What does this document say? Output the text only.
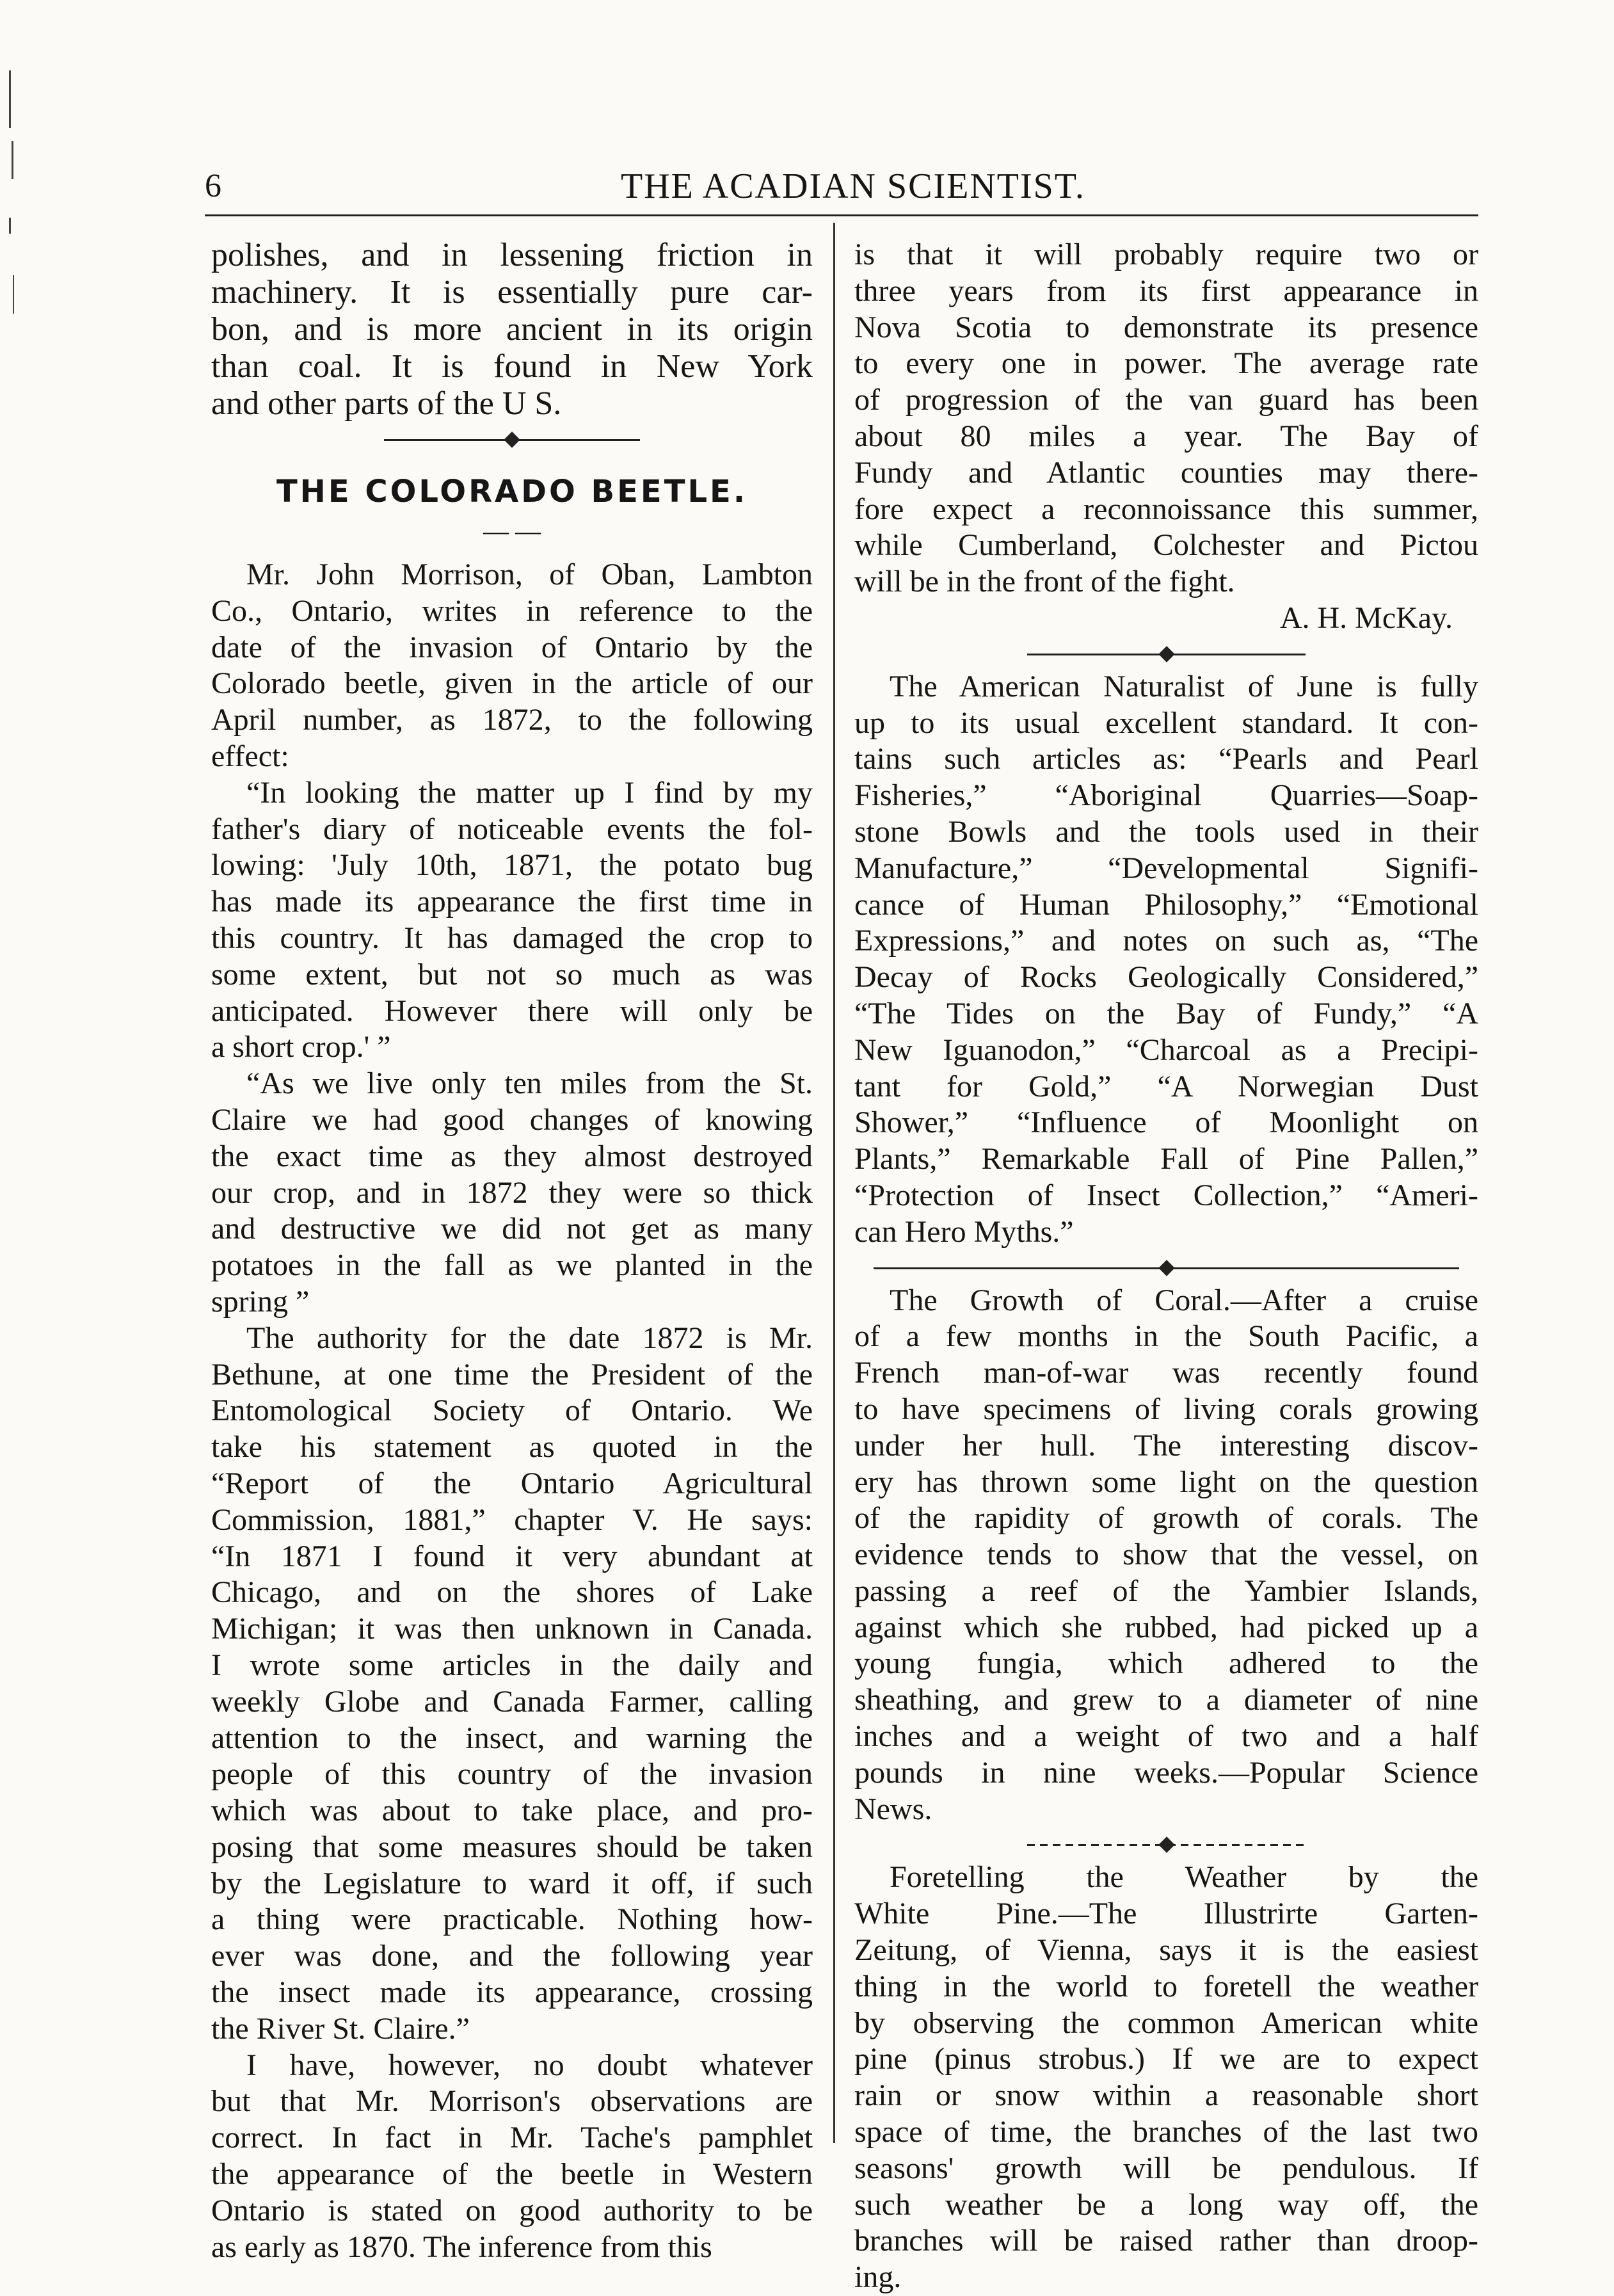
6	THE ACADIAN SCIENTIST.
polishes, and in lessening friction in
machinery. It is essentially pure car-
bon, and is more ancient in its origin
than coal. It is found in New York
and other parts of the U S.
THE COLORADO BEETLE.
— —
Mr. John Morrison, of Oban, Lambton
Co., Ontario, writes in reference to the
date of the invasion of Ontario by the
Colorado beetle, given in the article of our
April number, as 1872, to the following
effect:
“In looking the matter up I find by my
father's diary of noticeable events the fol-
lowing: 'July 10th, 1871, the potato bug
has made its appearance the first time in
this country. It has damaged the crop to
some extent, but not so much as was
anticipated. However there will only be
a short crop.' ”
“As we live only ten miles from the St.
Claire we had good changes of knowing
the exact time as they almost destroyed
our crop, and in 1872 they were so thick
and destructive we did not get as many
potatoes in the fall as we planted in the
spring ”
The authority for the date 1872 is Mr.
Bethune, at one time the President of the
Entomological Society of Ontario. We
take his statement as quoted in the
“Report of the Ontario Agricultural
Commission, 1881,” chapter V. He says:
“In 1871 I found it very abundant at
Chicago, and on the shores of Lake
Michigan; it was then unknown in Canada.
I wrote some articles in the daily and
weekly Globe and Canada Farmer, calling
attention to the insect, and warning the
people of this country of the invasion
which was about to take place, and pro-
posing that some measures should be taken
by the Legislature to ward it off, if such
a thing were practicable. Nothing how-
ever was done, and the following year
the insect made its appearance, crossing
the River St. Claire.”
I have, however, no doubt whatever
but that Mr. Morrison's observations are
correct. In fact in Mr. Tache's pamphlet
the appearance of the beetle in Western
Ontario is stated on good authority to be
as early as 1870. The inference from this
is that it will probably require two or
three years from its first appearance in
Nova Scotia to demonstrate its presence
to every one in power. The average rate
of progression of the van guard has been
about 80 miles a year. The Bay of
Fundy and Atlantic counties may there-
fore expect a reconnoissance this summer,
while Cumberland, Colchester and Pictou
will be in the front of the fight.
A. H. McKay.
The American Naturalist of June is fully
up to its usual excellent standard. It con-
tains such articles as: “Pearls and Pearl
Fisheries,” “Aboriginal Quarries—Soap-
stone Bowls and the tools used in their
Manufacture,” “Developmental Signifi-
cance of Human Philosophy,” “Emotional
Expressions,” and notes on such as, “The
Decay of Rocks Geologically Considered,”
“The Tides on the Bay of Fundy,” “A
New Iguanodon,” “Charcoal as a Precipi-
tant for Gold,” “A Norwegian Dust
Shower,” “Influence of Moonlight on
Plants,” Remarkable Fall of Pine Pallen,”
“Protection of Insect Collection,” “Ameri-
can Hero Myths.”
The Growth of Coral.—After a cruise
of a few months in the South Pacific, a
French man-of-war was recently found
to have specimens of living corals growing
under her hull. The interesting discov-
ery has thrown some light on the question
of the rapidity of growth of corals. The
evidence tends to show that the vessel, on
passing a reef of the Yambier Islands,
against which she rubbed, had picked up a
young fungia, which adhered to the
sheathing, and grew to a diameter of nine
inches and a weight of two and a half
pounds in nine weeks.—Popular Science
News.
Foretelling the Weather by the
White Pine.—The Illustrirte Garten-
Zeitung, of Vienna, says it is the easiest
thing in the world to foretell the weather
by observing the common American white
pine (pinus strobus.) If we are to expect
rain or snow within a reasonable short
space of time, the branches of the last two
seasons' growth will be pendulous. If
such weather be a long way off, the
branches will be raised rather than droop-
ing.
